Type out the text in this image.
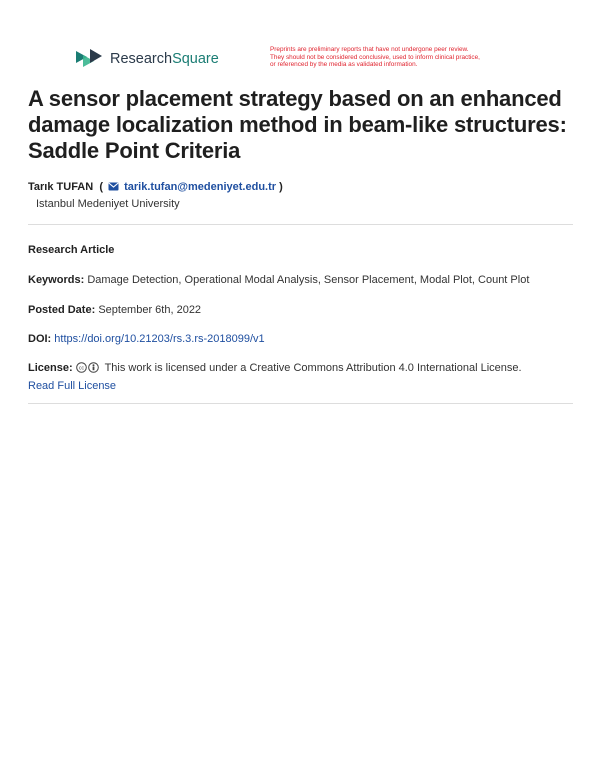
ResearchSquare
Preprints are preliminary reports that have not undergone peer review.
They should not be considered conclusive, used to inform clinical practice,
or referenced by the media as validated information.
A sensor placement strategy based on an enhanced damage localization method in beam-like structures: Saddle Point Criteria
Tarık TUFAN  ( tarik.tufan@medeniyet.edu.tr )
Istanbul Medeniyet University
Research Article
Keywords: Damage Detection, Operational Modal Analysis, Sensor Placement, Modal Plot, Count Plot
Posted Date: September 6th, 2022
DOI: https://doi.org/10.21203/rs.3.rs-2018099/v1
License: cc This work is licensed under a Creative Commons Attribution 4.0 International License.
Read Full License
